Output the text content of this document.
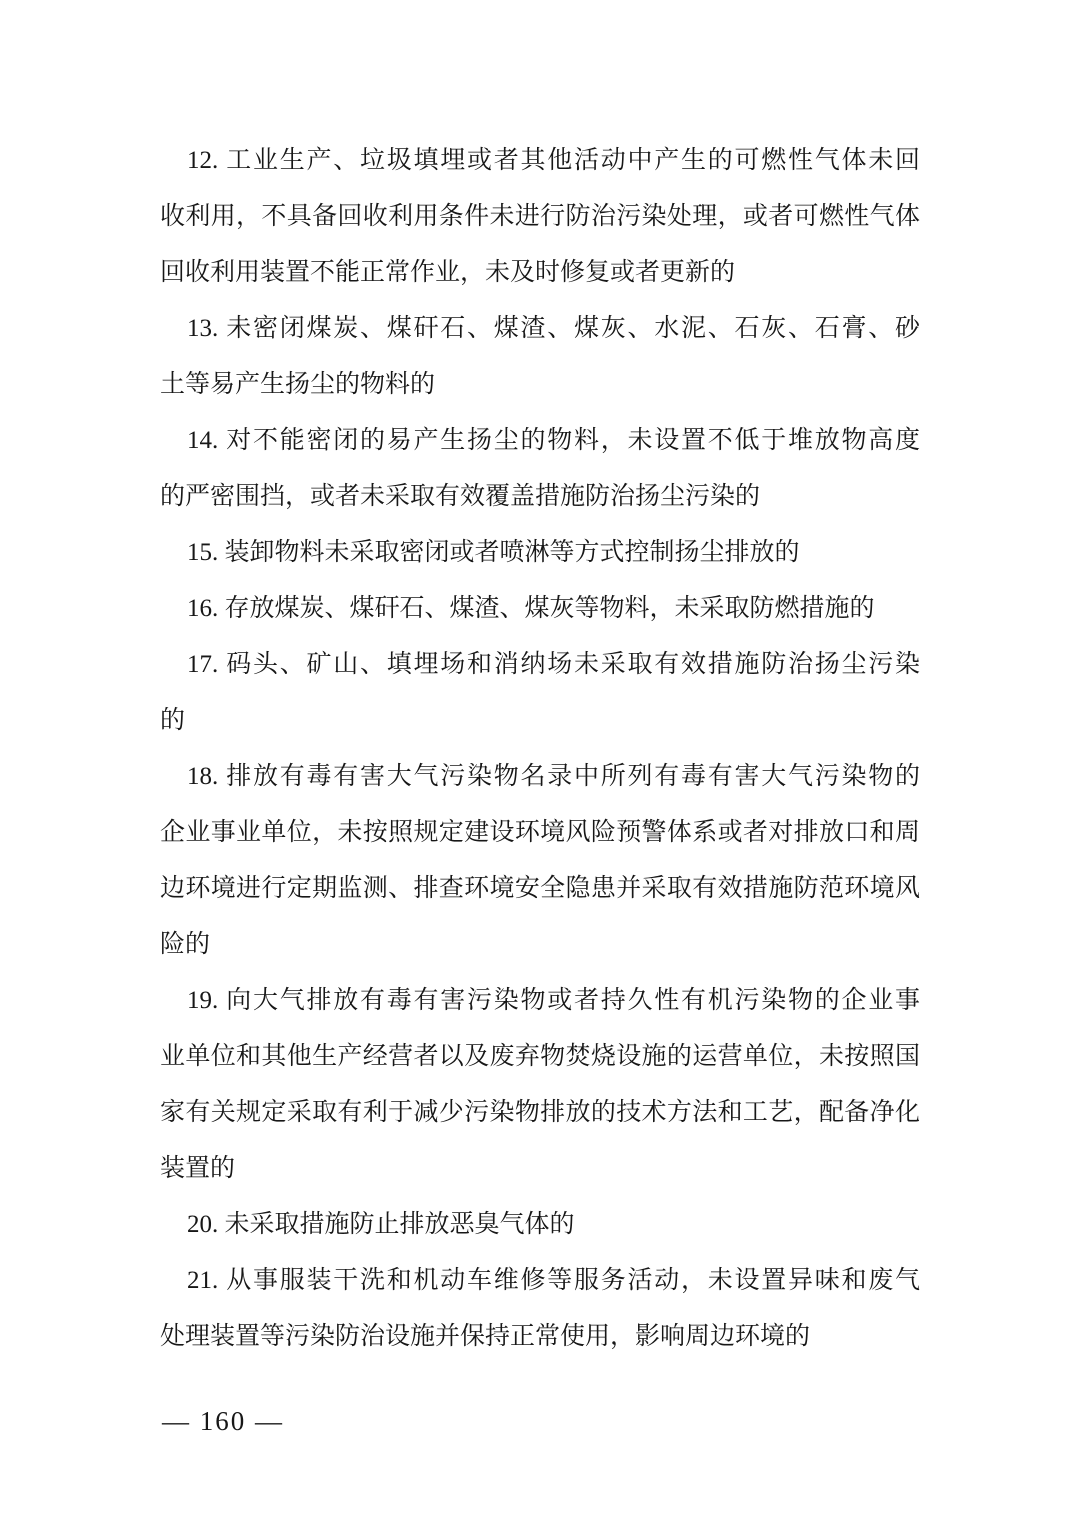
12. 工业生产、垃圾填埋或者其他活动中产生的可燃性气体未回
收利用，不具备回收利用条件未进行防治污染处理，或者可燃性气体
回收利用装置不能正常作业，未及时修复或者更新的
13. 未密闭煤炭、煤矸石、煤渣、煤灰、水泥、石灰、石膏、砂
土等易产生扬尘的物料的
14. 对不能密闭的易产生扬尘的物料，未设置不低于堆放物高度
的严密围挡，或者未采取有效覆盖措施防治扬尘污染的
15. 装卸物料未采取密闭或者喷淋等方式控制扬尘排放的
16. 存放煤炭、煤矸石、煤渣、煤灰等物料，未采取防燃措施的
17. 码头、矿山、填埋场和消纳场未采取有效措施防治扬尘污染
的
18. 排放有毒有害大气污染物名录中所列有毒有害大气污染物的
企业事业单位，未按照规定建设环境风险预警体系或者对排放口和周
边环境进行定期监测、排查环境安全隐患并采取有效措施防范环境风
险的
19. 向大气排放有毒有害污染物或者持久性有机污染物的企业事
业单位和其他生产经营者以及废弃物焚烧设施的运营单位，未按照国
家有关规定采取有利于减少污染物排放的技术方法和工艺，配备净化
装置的
20. 未采取措施防止排放恶臭气体的
21. 从事服装干洗和机动车维修等服务活动，未设置异味和废气
处理装置等污染防治设施并保持正常使用，影响周边环境的
— 160 —
